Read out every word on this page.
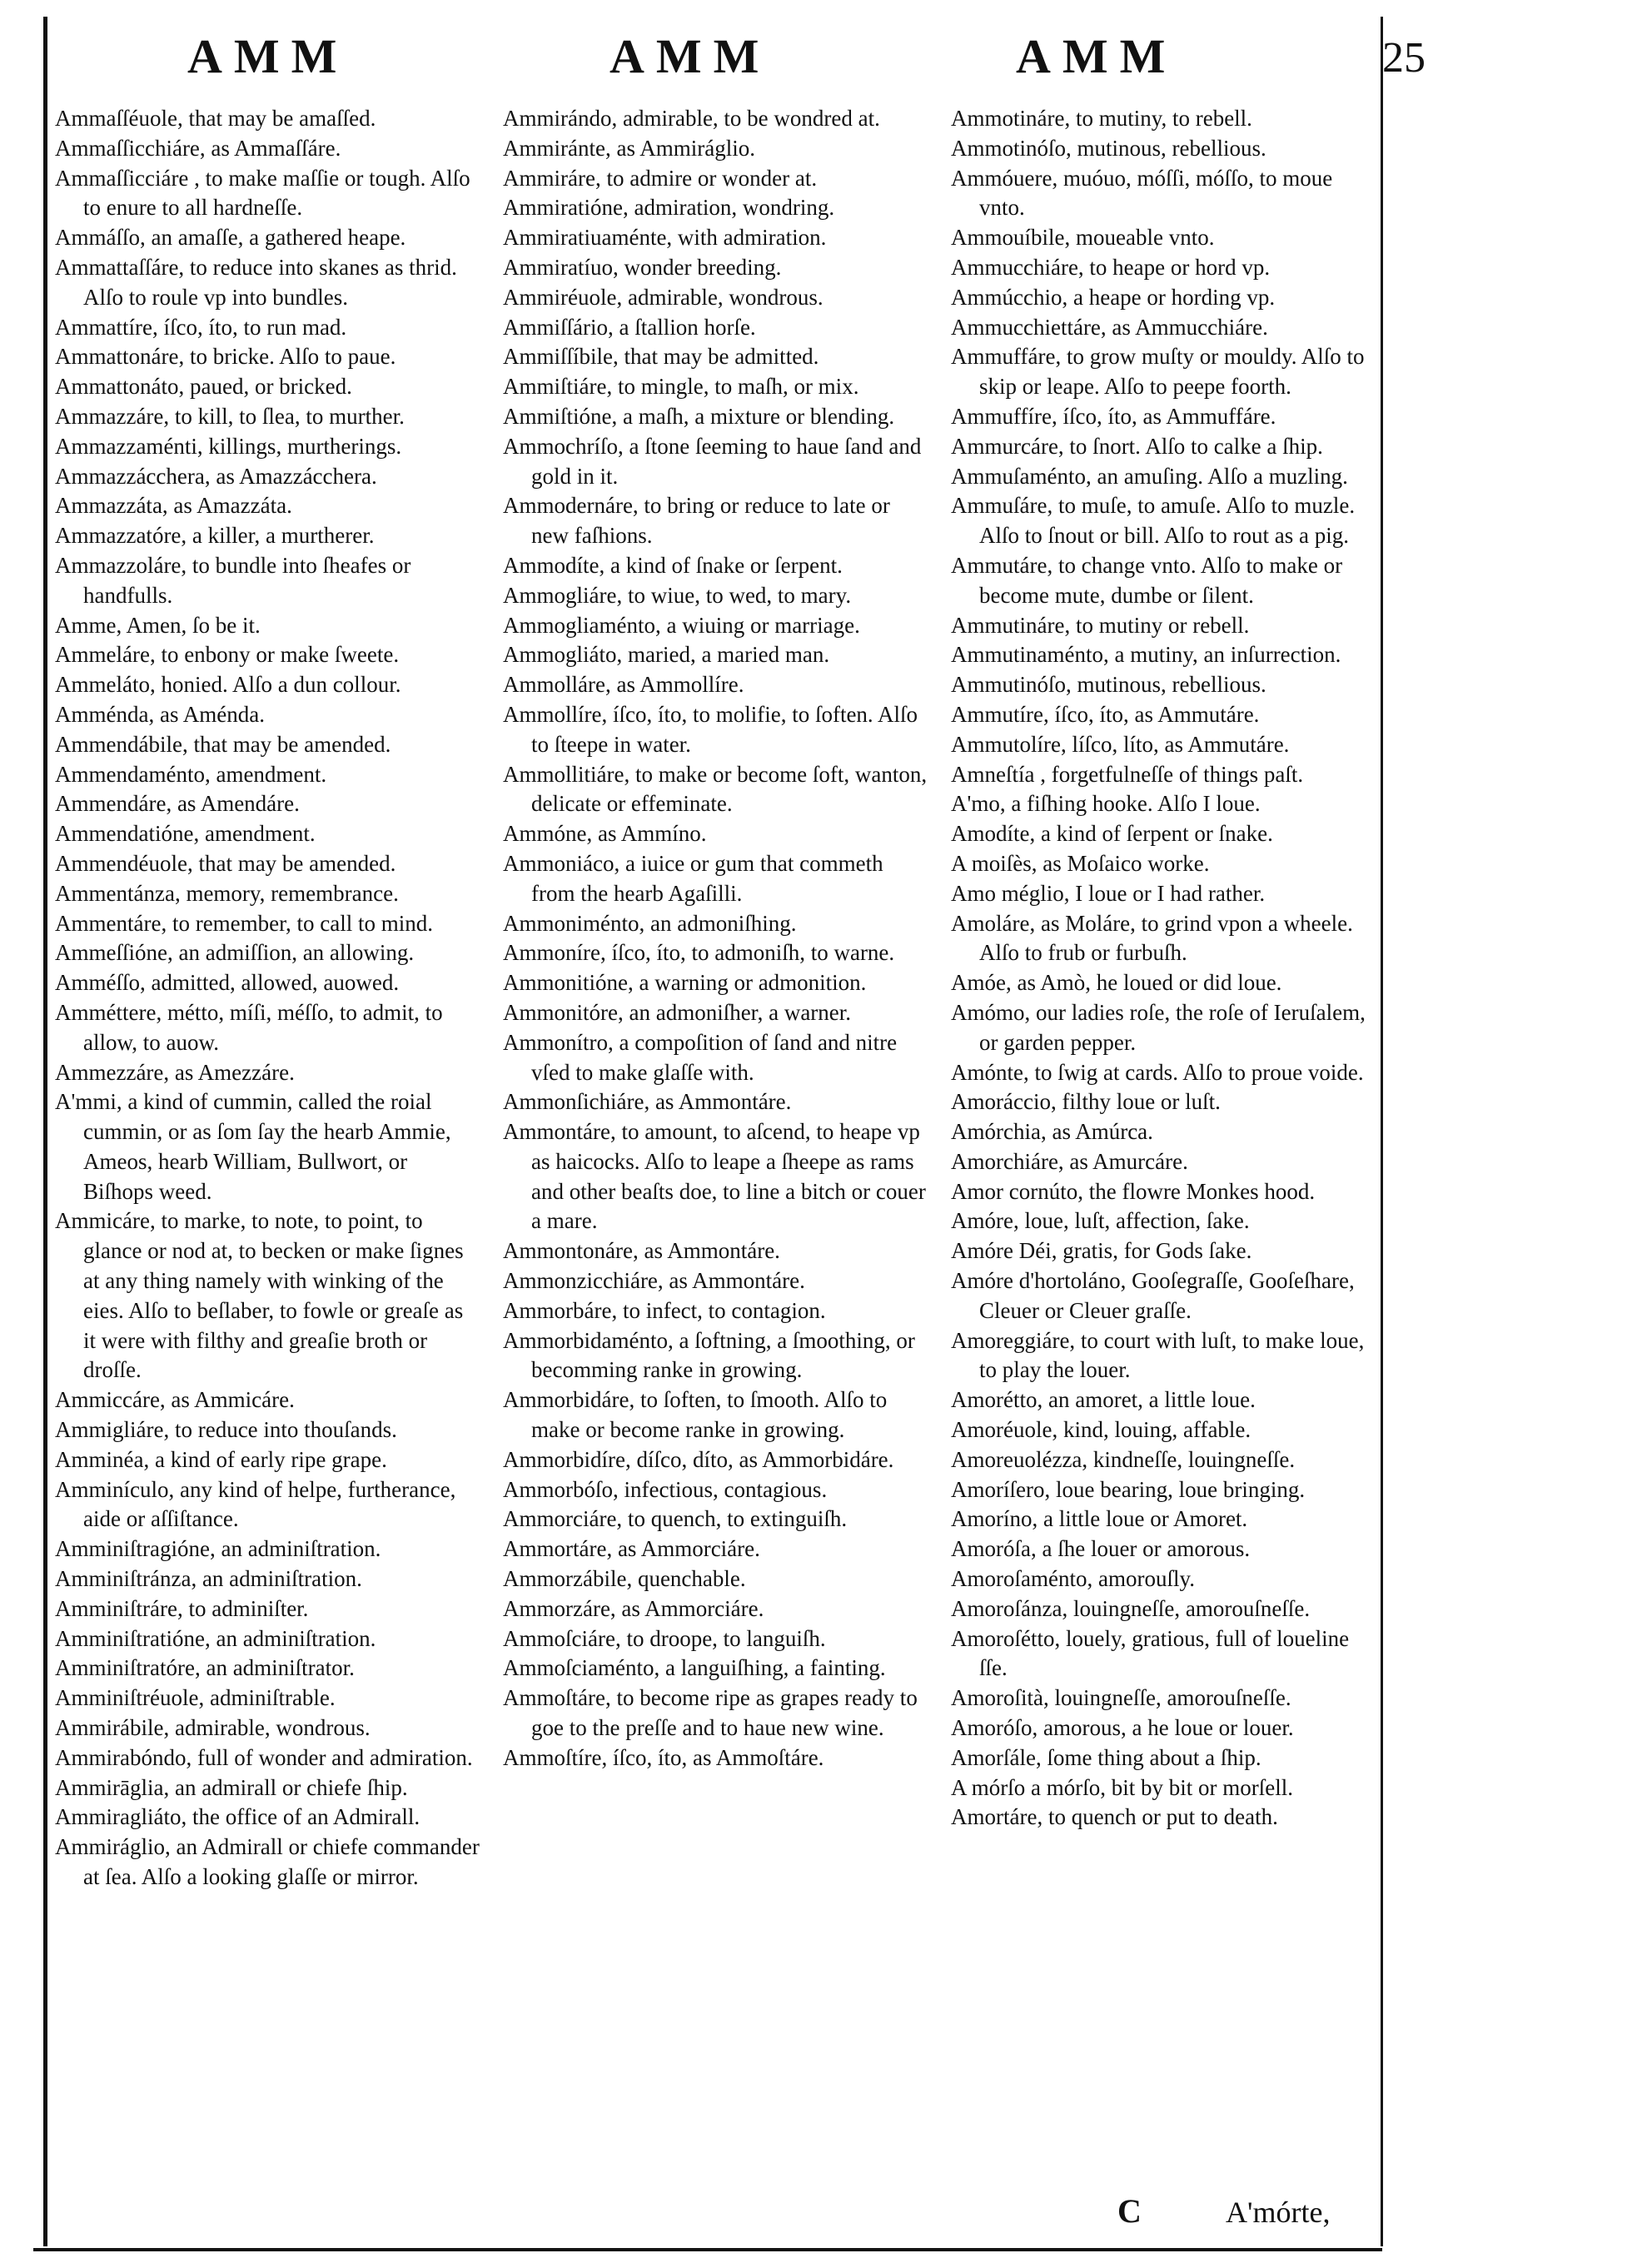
AMM	AMM	AMM	25
Ammaſſéuole, that may be amaſſed.
Ammaſſicchiáre, as Ammaſſáre.
Ammaſſicciáre , to make maſſie or tough. Alſo to enure to all hardneſſe.
Ammáſſo, an amaſſe, a gathered heape.
Ammattaſſáre, to reduce into skanes as thrid. Alſo to roule vp into bundles.
Ammattíre, íſco, íto, to run mad.
Ammattonáre, to bricke. Alſo to paue.
Ammattonáto, paued, or bricked.
Ammazzáre, to kill, to ſlea, to murther.
Ammazzaménti, killings, murtherings.
Ammazzácchera, as Amazzácchera.
Ammazzáta, as Amazzáta.
Ammazzatóre, a killer, a murtherer.
Ammazzoláre, to bundle into ſheafes or handfulls.
Amme, Amen, ſo be it.
Ammeláre, to enbony or make ſweete.
Ammeláto, honied. Alſo a dun collour.
Amménda, as Aménda.
Ammendábile, that may be amended.
Ammendaménto, amendment.
Ammendáre, as Amendáre.
Ammendatióne, amendment.
Ammendéuole, that may be amended.
Ammentánza, memory, remembrance.
Ammentáre, to remember, to call to mind.
Ammeſſióne, an admiſſion, an allowing.
Amméſſo, admitted, allowed, auowed.
Amméttere, métto, míſi, méſſo, to admit, to allow, to auow.
Ammezzáre, as Amezzáre.
A'mmi, a kind of cummin, called the roial cummin, or as ſom ſay the hearb Ammie, Ameos, hearb William, Bullwort, or Biſhops weed.
Ammicáre, to marke, to note, to point, to glance or nod at, to becken or make ſignes at any thing namely with winking of the eies. Alſo to beſlaber, to fowle or greaſe as it were with filthy and greaſie broth or droſſe.
Ammiccáre, as Ammicáre.
Ammigliáre, to reduce into thouſands.
Amminéa, a kind of early ripe grape.
Amminículo, any kind of helpe, furtherance, aide or aſſiſtance.
Amminiſtragióne, an adminiſtration.
Amminiſtránza, an adminiſtration.
Amminiſtráre, to adminiſter.
Amminiſtratióne, an adminiſtration.
Amminiſtratóre, an adminiſtrator.
Amminiſtréuole, adminiſtrable.
Ammirábile, admirable, wondrous.
Ammirabóndo, full of wonder and admiration.
Ammirāglia, an admirall or chiefe ſhip.
Ammiragliáto, the office of an Admirall.
Ammiráglio, an Admirall or chiefe commander at ſea. Alſo a looking glaſſe or mirror.
Ammirándo, admirable, to be wondred at.
Ammiránte, as Ammiráglio.
Ammiráre, to admire or wonder at.
Ammiratióne, admiration, wondring.
Ammiratiuaménte, with admiration.
Ammiratíuo, wonder breeding.
Ammiréuole, admirable, wondrous.
Ammiſſário, a ſtallion horſe.
Ammiſſíbile, that may be admitted.
Ammiſtiáre, to mingle, to maſh, or mix.
Ammiſtióne, a maſh, a mixture or blending.
Ammochríſo, a ſtone ſeeming to haue ſand and gold in it.
Ammodernáre, to bring or reduce to late or new faſhions.
Ammodíte, a kind of ſnake or ſerpent.
Ammogliáre, to wiue, to wed, to mary.
Ammogliaménto, a wiuing or marriage.
Ammogliáto, maried, a maried man.
Ammolláre, as Ammollíre.
Ammollíre, íſco, íto, to molifie, to ſoften. Alſo to ſteepe in water.
Ammollitiáre, to make or become ſoft, wanton, delicate or effeminate.
Ammóne, as Ammíno.
Ammoniáco, a iuice or gum that commeth from the hearb Agaſilli.
Ammoniménto, an admoniſhing.
Ammoníre, íſco, íto, to admoniſh, to warne.
Ammonitióne, a warning or admonition.
Ammonitóre, an admoniſher, a warner.
Ammonítro, a compoſition of ſand and nitre vſed to make glaſſe with.
Ammonſichiáre, as Ammontáre.
Ammontáre, to amount, to aſcend, to heape vp as haicocks. Alſo to leape a ſheepe as rams and other beaſts doe, to line a bitch or couer a mare.
Ammontonáre, as Ammontáre.
Ammonzicchiáre, as Ammontáre.
Ammorbáre, to infect, to contagion.
Ammorbidaménto, a ſoftning, a ſmoothing, or becomming ranke in growing.
Ammorbidáre, to ſoften, to ſmooth. Alſo to make or become ranke in growing.
Ammorbidíre, díſco, díto, as Ammorbidáre.
Ammorbóſo, infectious, contagious.
Ammorciáre, to quench, to extinguiſh.
Ammortáre, as Ammorciáre.
Ammorzábile, quenchable.
Ammorzáre, as Ammorciáre.
Ammoſciáre, to droope, to languiſh.
Ammoſciaménto, a languiſhing, a fainting.
Ammoſtáre, to become ripe as grapes ready to goe to the preſſe and to haue new wine.
Ammoſtíre, íſco, íto, as Ammoſtáre.
Ammotináre, to mutiny, to rebell.
Ammotinóſo, mutinous, rebellious.
Ammóuere, muóuo, móſſi, móſſo, to moue vnto.
Ammouíbile, moueable vnto.
Ammucchiáre, to heape or hord vp.
Ammúcchio, a heape or hording vp.
Ammucchiettáre, as Ammucchiáre.
Ammuffáre, to grow muſty or mouldy. Alſo to skip or leape. Alſo to peepe foorth.
Ammuffíre, íſco, íto, as Ammuffáre.
Ammurcáre, to ſnort. Alſo to calke a ſhip.
Ammuſaménto, an amuſing. Alſo a muzling.
Ammuſáre, to muſe, to amuſe. Alſo to muzle. Alſo to ſnout or bill. Alſo to rout as a pig.
Ammutáre, to change vnto. Alſo to make or become mute, dumbe or ſilent.
Ammutináre, to mutiny or rebell.
Ammutinaménto, a mutiny, an inſurrection.
Ammutinóſo, mutinous, rebellious.
Ammutíre, íſco, íto, as Ammutáre.
Ammutolíre, líſco, líto, as Ammutáre.
Amneſtía , forgetfulneſſe of things paſt.
A'mo, a fiſhing hooke. Alſo I loue.
Amodíte, a kind of ſerpent or ſnake.
A moiſès, as Moſaico worke.
Amo méglio, I loue or I had rather.
Amoláre, as Moláre, to grind vpon a wheele. Alſo to frub or furbuſh.
Amóe, as Amò, he loued or did loue.
Amómo, our ladies roſe, the roſe of Ieruſalem, or garden pepper.
Amónte, to ſwig at cards. Alſo to proue voide.
Amoráccio, filthy loue or luſt.
Amórchia, as Amúrca.
Amorchiáre, as Amurcáre.
Amor cornúto, the flowre Monkes hood.
Amóre, loue, luſt, affection, ſake.
Amóre Déi, gratis, for Gods ſake.
Amóre d'hortoláno, Gooſegraſſe, Gooſeſhare, Cleuer or Cleuer graſſe.
Amoreggiáre, to court with luſt, to make loue, to play the louer.
Amorétto, an amoret, a little loue.
Amoréuole, kind, louing, affable.
Amoreuolézza, kindneſſe, louingneſſe.
Amoríſero, loue bearing, loue bringing.
Amoríno, a little loue or Amoret.
Amoróſa, a ſhe louer or amorous.
Amoroſaménto, amorouſly.
Amoroſánza, louingneſſe, amorouſneſſe.
Amoroſétto, louely, gratious, full of loueline ſſe.
Amoroſità, louingneſſe, amorouſneſſe.
Amoróſo, amorous, a he loue or louer.
Amorſále, ſome thing about a ſhip.
A mórſo a mórſo, bit by bit or morſell.
Amortáre, to quench or put to death.
C	A'mórte,
